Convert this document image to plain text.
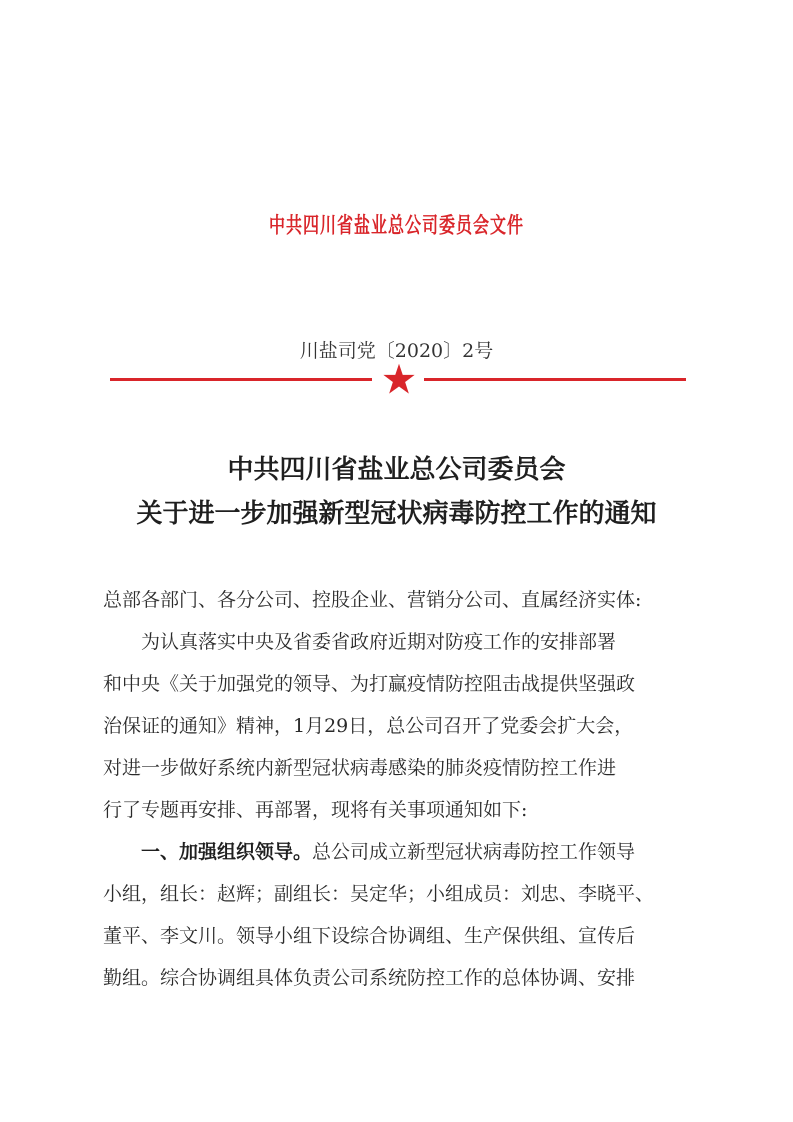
中共四川省盐业总公司委员会文件
川盐司党〔2020〕2号
中共四川省盐业总公司委员会
关于进一步加强新型冠状病毒防控工作的通知
总部各部门、各分公司、控股企业、营销分公司、直属经济实体:
为认真落实中央及省委省政府近期对防疫工作的安排部署
和中央《关于加强党的领导、为打赢疫情防控阻击战提供坚强政
治保证的通知》精神，1月29日，总公司召开了党委会扩大会，
对进一步做好系统内新型冠状病毒感染的肺炎疫情防控工作进
行了专题再安排、再部署，现将有关事项通知如下:
一、加强组织领导。总公司成立新型冠状病毒防控工作领导
小组，组长：赵辉；副组长：吴定华；小组成员：刘忠、李晓平、
董平、李文川。领导小组下设综合协调组、生产保供组、宣传后
勤组。综合协调组具体负责公司系统防控工作的总体协调、安排
